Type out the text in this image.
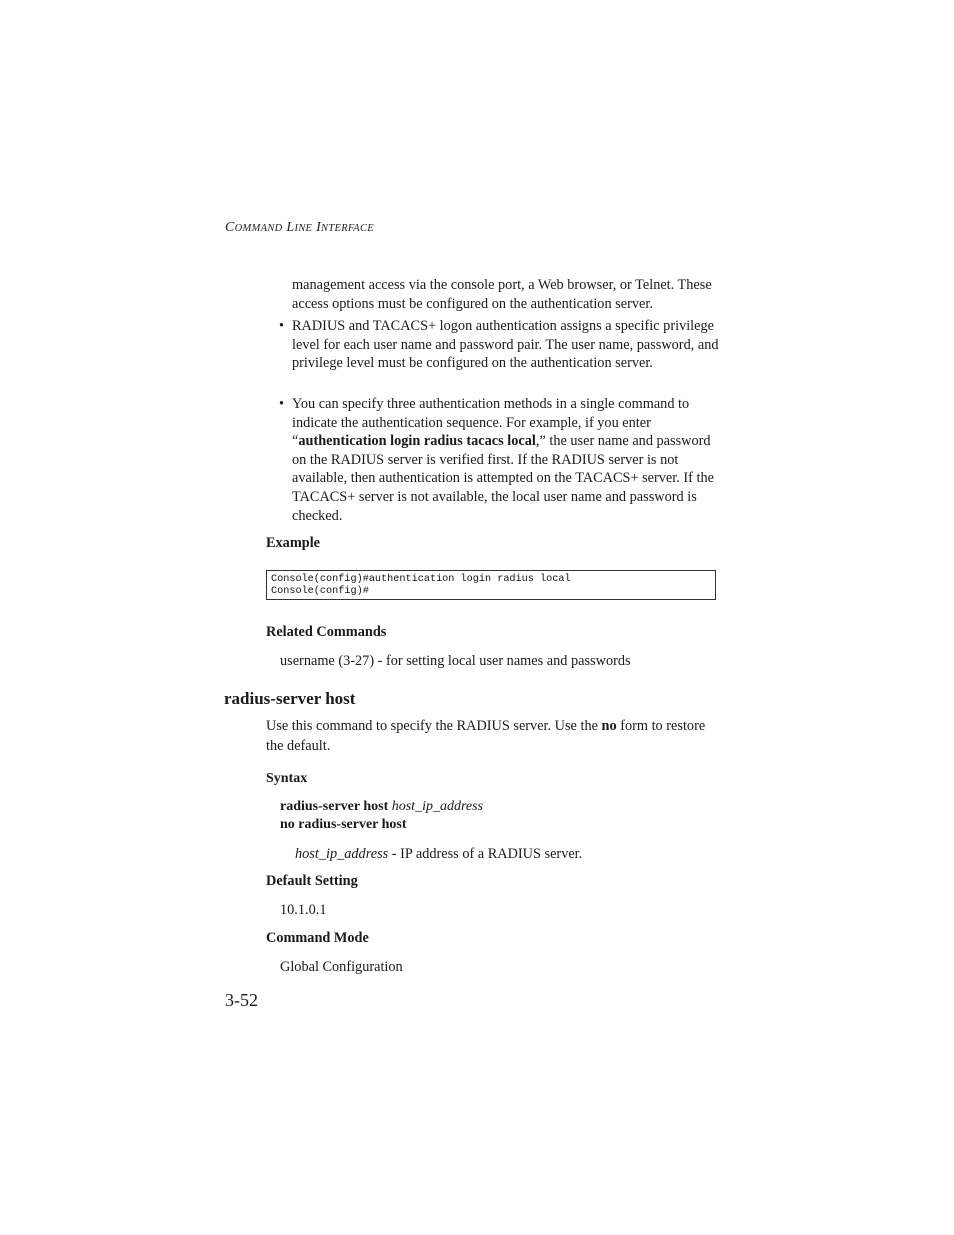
COMMAND LINE INTERFACE
management access via the console port, a Web browser, or Telnet. These access options must be configured on the authentication server.
• RADIUS and TACACS+ logon authentication assigns a specific privilege level for each user name and password pair. The user name, password, and privilege level must be configured on the authentication server.
• You can specify three authentication methods in a single command to indicate the authentication sequence. For example, if you enter “authentication login radius tacacs local,” the user name and password on the RADIUS server is verified first. If the RADIUS server is not available, then authentication is attempted on the TACACS+ server. If the TACACS+ server is not available, the local user name and password is checked.
Example
Console(config)#authentication login radius local
Console(config)#
Related Commands
username (3-27) - for setting local user names and passwords
radius-server host
Use this command to specify the RADIUS server. Use the no form to restore the default.
Syntax
radius-server host host_ip_address
no radius-server host
host_ip_address - IP address of a RADIUS server.
Default Setting
10.1.0.1
Command Mode
Global Configuration
3-52
